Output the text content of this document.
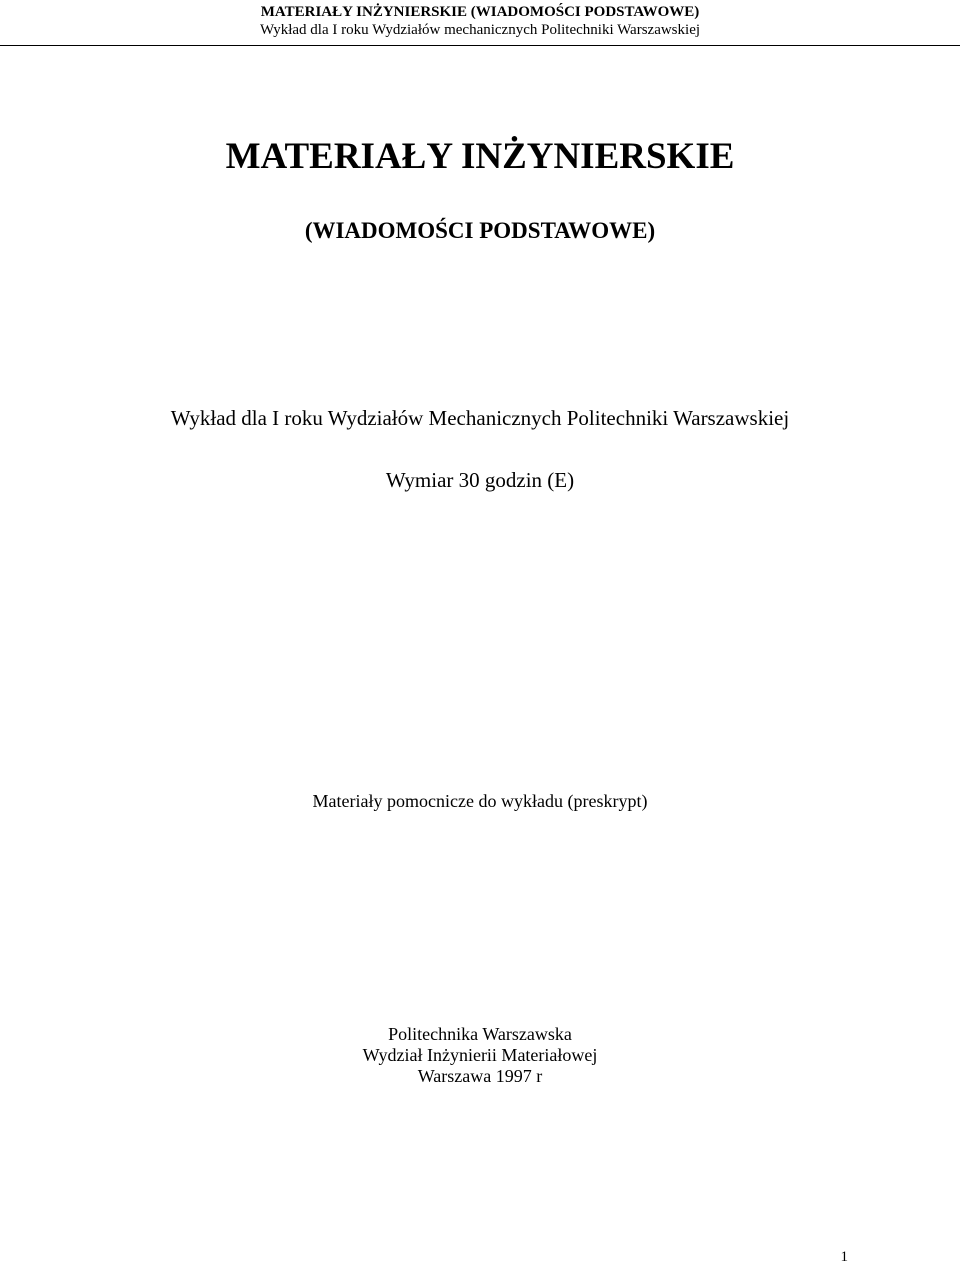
MATERIAŁY INŻYNIERSKIE (WIADOMOŚCI PODSTAWOWE)
Wykład dla I roku Wydziałów mechanicznych Politechniki Warszawskiej
MATERIAŁY INŻYNIERSKIE
(WIADOMOŚCI PODSTAWOWE)
Wykład dla I roku Wydziałów Mechanicznych Politechniki Warszawskiej
Wymiar 30 godzin (E)
Materiały pomocnicze do wykładu (preskrypt)
Politechnika Warszawska
Wydział Inżynierii Materiałowej
Warszawa 1997 r
1
